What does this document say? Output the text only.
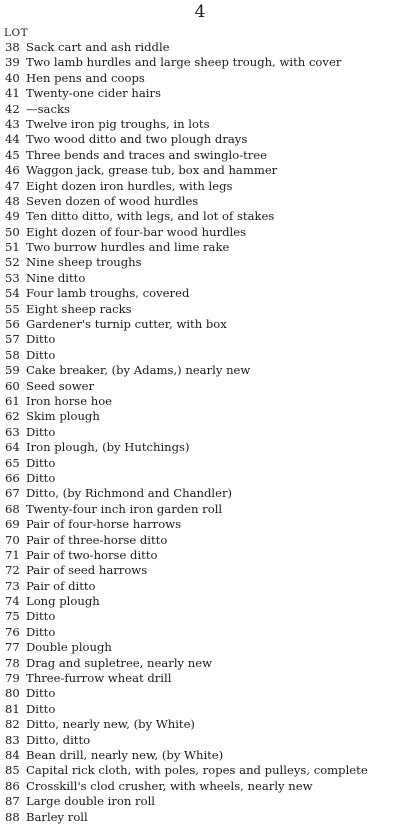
4
LOT
38 Sack cart and ash riddle
39 Two lamb hurdles and large sheep trough, with cover
40 Hen pens and coops
41 Twenty-one cider hairs
42 —sacks
43 Twelve iron pig troughs, in lots
44 Two wood ditto and two plough drays
45 Three bends and traces and swinglo-tree
46 Waggon jack, grease tub, box and hammer
47 Eight dozen iron hurdles, with legs
48 Seven dozen of wood hurdles
49 Ten ditto ditto, with legs, and lot of stakes
50 Eight dozen of four-bar wood hurdles
51 Two burrow hurdles and lime rake
52 Nine sheep troughs
53 Nine ditto
54 Four lamb troughs, covered
55 Eight sheep racks
56 Gardener's turnip cutter, with box
57 Ditto
58 Ditto
59 Cake breaker, (by Adams,) nearly new
60 Seed sower
61 Iron horse hoe
62 Skim plough
63 Ditto
64 Iron plough, (by Hutchings)
65 Ditto
66 Ditto
67 Ditto, (by Richmond and Chandler)
68 Twenty-four inch iron garden roll
69 Pair of four-horse harrows
70 Pair of three-horse ditto
71 Pair of two-horse ditto
72 Pair of seed harrows
73 Pair of ditto
74 Long plough
75 Ditto
76 Ditto
77 Double plough
78 Drag and supletree, nearly new
79 Three-furrow wheat drill
80 Ditto
81 Ditto
82 Ditto, nearly new, (by White)
83 Ditto, ditto
84 Bean drill, nearly new, (by White)
85 Capital rick cloth, with poles, ropes and pulleys, complete
86 Crosskill's clod crusher, with wheels, nearly new
87 Large double iron roll
88 Barley roll
